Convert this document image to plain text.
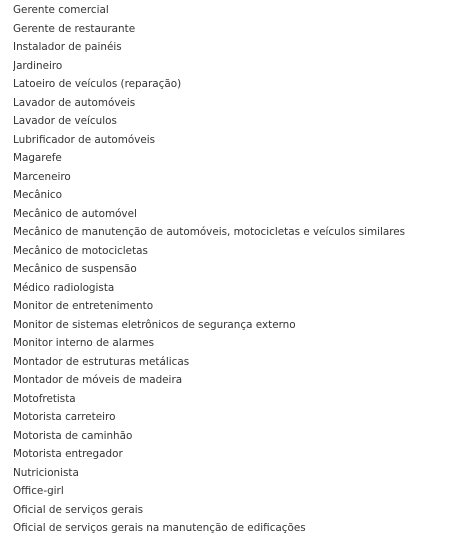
Gerente comercial
Gerente de restaurante
Instalador de painéis
Jardineiro
Latoeiro de veículos (reparação)
Lavador de automóveis
Lavador de veículos
Lubrificador de automóveis
Magarefe
Marceneiro
Mecânico
Mecânico de automóvel
Mecânico de manutenção de automóveis, motocicletas e veículos similares
Mecânico de motocicletas
Mecânico de suspensão
Médico radiologista
Monitor de entretenimento
Monitor de sistemas eletrônicos de segurança externo
Monitor interno de alarmes
Montador de estruturas metálicas
Montador de móveis de madeira
Motofretista
Motorista carreteiro
Motorista de caminhão
Motorista entregador
Nutricionista
Office-girl
Oficial de serviços gerais
Oficial de serviços gerais na manutenção de edificações
